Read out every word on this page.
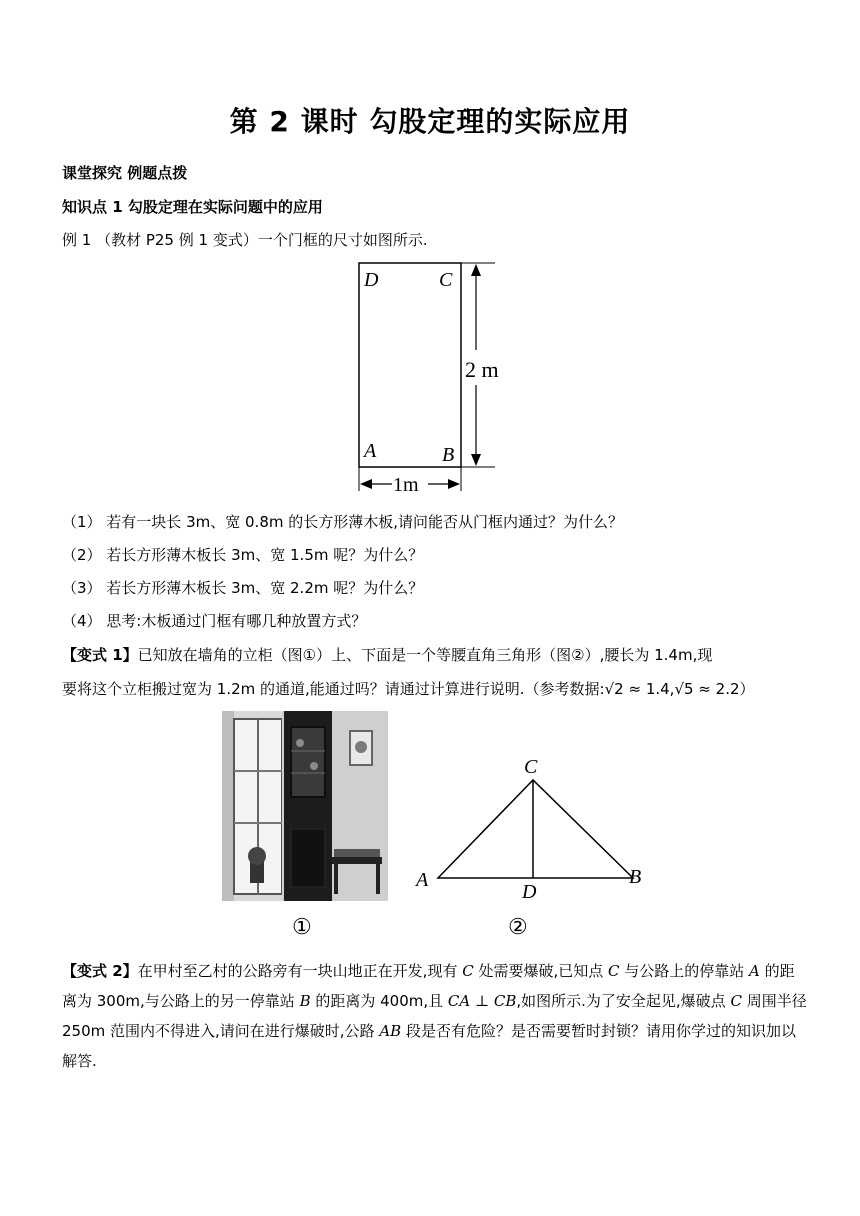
第 2 课时 勾股定理的实际应用
课堂探究 例题点拨
知识点 1 勾股定理在实际问题中的应用
例 1 （教材 P25 例 1 变式）一个门框的尺寸如图所示.
2 m
1m
D	C
A	B
（1） 若有一块长 3m、宽 0.8m 的长方形薄木板,请问能否从门框内通过？为什么？
（2） 若长方形薄木板长 3m、宽 1.5m 呢？为什么？
（3） 若长方形薄木板长 3m、宽 2.2m 呢？为什么？
（4） 思考:木板通过门框有哪几种放置方式？
【变式 1】已知放在墙角的立柜（图①）上、下面是一个等腰直角三角形（图②）,腰长为 1.4m,现
要将这个立柜搬过宽为 1.2m 的通道,能通过吗？请通过计算进行说明.（参考数据:√2 ≈ 1.4,√5 ≈ 2.2）
①
C
A	B
D
②
【变式 2】在甲村至乙村的公路旁有一块山地正在开发,现有 C 处需要爆破,已知点 C 与公路上的停靠站 A 的距离为 300m,与公路上的另一停靠站 B 的距离为 400m,且 CA ⊥ CB,如图所示.为了安全起见,爆破点 C 周围半径 250m 范围内不得进入,请问在进行爆破时,公路 AB 段是否有危险？是否需要暂时封锁？请用你学过的知识加以解答.
